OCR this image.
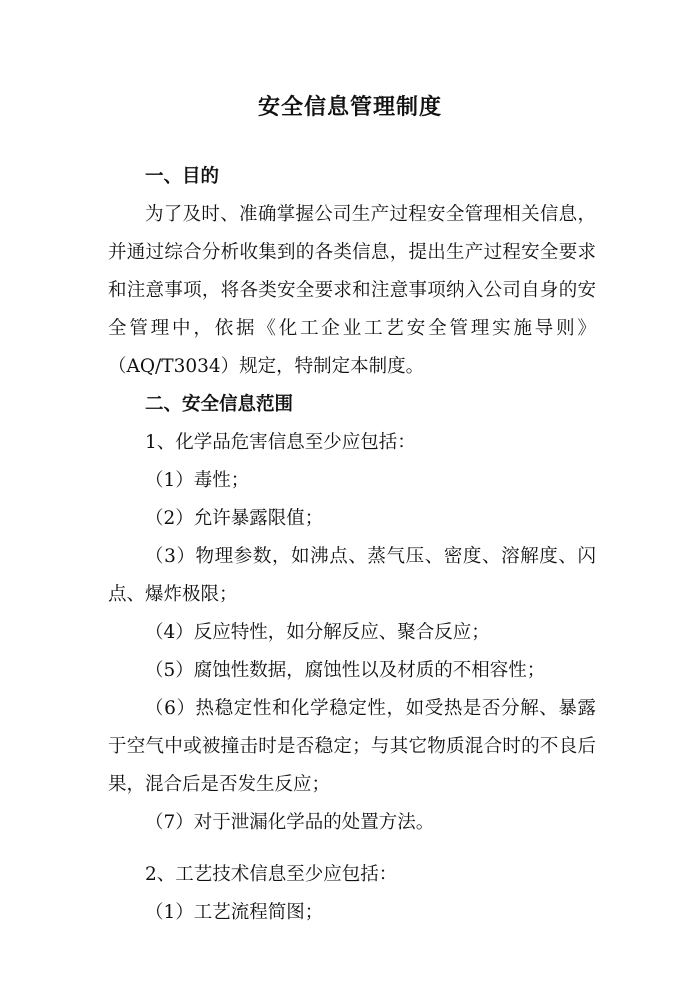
安全信息管理制度

一、目的

为了及时、准确掌握公司生产过程安全管理相关信息，并通过综合分析收集到的各类信息，提出生产过程安全要求和注意事项，将各类安全要求和注意事项纳入公司自身的安全管理中，依据《化工企业工艺安全管理实施导则》（AQ/T3034）规定，特制定本制度。

二、安全信息范围

1、化学品危害信息至少应包括：

（1）毒性；

（2）允许暴露限值；

（3）物理参数，如沸点、蒸气压、密度、溶解度、闪点、爆炸极限；

（4）反应特性，如分解反应、聚合反应；

（5）腐蚀性数据，腐蚀性以及材质的不相容性；

（6）热稳定性和化学稳定性，如受热是否分解、暴露于空气中或被撞击时是否稳定；与其它物质混合时的不良后果，混合后是否发生反应；

（7）对于泄漏化学品的处置方法。

2、工艺技术信息至少应包括：

（1）工艺流程简图；
